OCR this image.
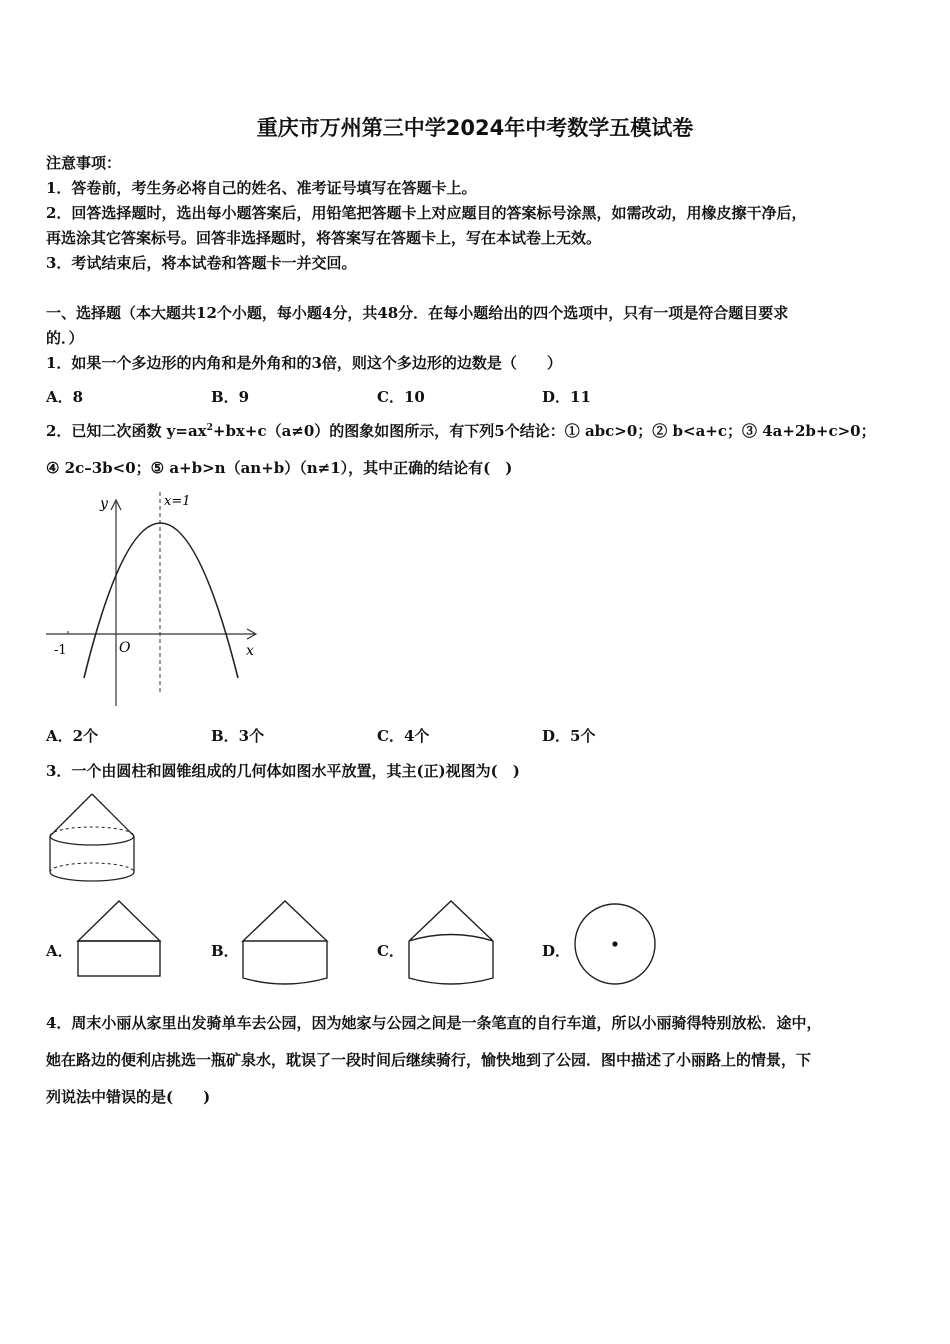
重庆市万州第三中学2024年中考数学五模试卷
注意事项：
1．答卷前，考生务必将自己的姓名、准考证号填写在答题卡上。
2．回答选择题时，选出每小题答案后，用铅笔把答题卡上对应题目的答案标号涂黑，如需改动，用橡皮擦干净后，
再选涂其它答案标号。回答非选择题时，将答案写在答题卡上，写在本试卷上无效。
3．考试结束后，将本试卷和答题卡一并交回。
一、选择题（本大题共12个小题，每小题4分，共48分．在每小题给出的四个选项中，只有一项是符合题目要求
的．）
1．如果一个多边形的内角和是外角和的3倍，则这个多边形的边数是（　　）
A．8	B．9	C．10	D．11
2．已知二次函数 $y=ax^2+bx+c(a\ne 0)$的图象如图所示，有下列5个结论：① abc>0；② b<a+c；③ 4a+2b+c>0；
④ 2c–3b<0；⑤ a+b>n（an+b）（n≠1），其中正确的结论有(　)
y
x
O
-1
x=1
A．2个	B．3个	C．4个	D．5个
3．一个由圆柱和圆锥组成的几何体如图水平放置，其主(正)视图为(　)
A．	B．	C．	D．
4．周末小丽从家里出发骑单车去公园，因为她家与公园之间是一条笔直的自行车道，所以小丽骑得特别放松．途中，
她在路边的便利店挑选一瓶矿泉水，耽误了一段时间后继续骑行，愉快地到了公园．图中描述了小丽路上的情景，下
列说法中错误的是(　　)
